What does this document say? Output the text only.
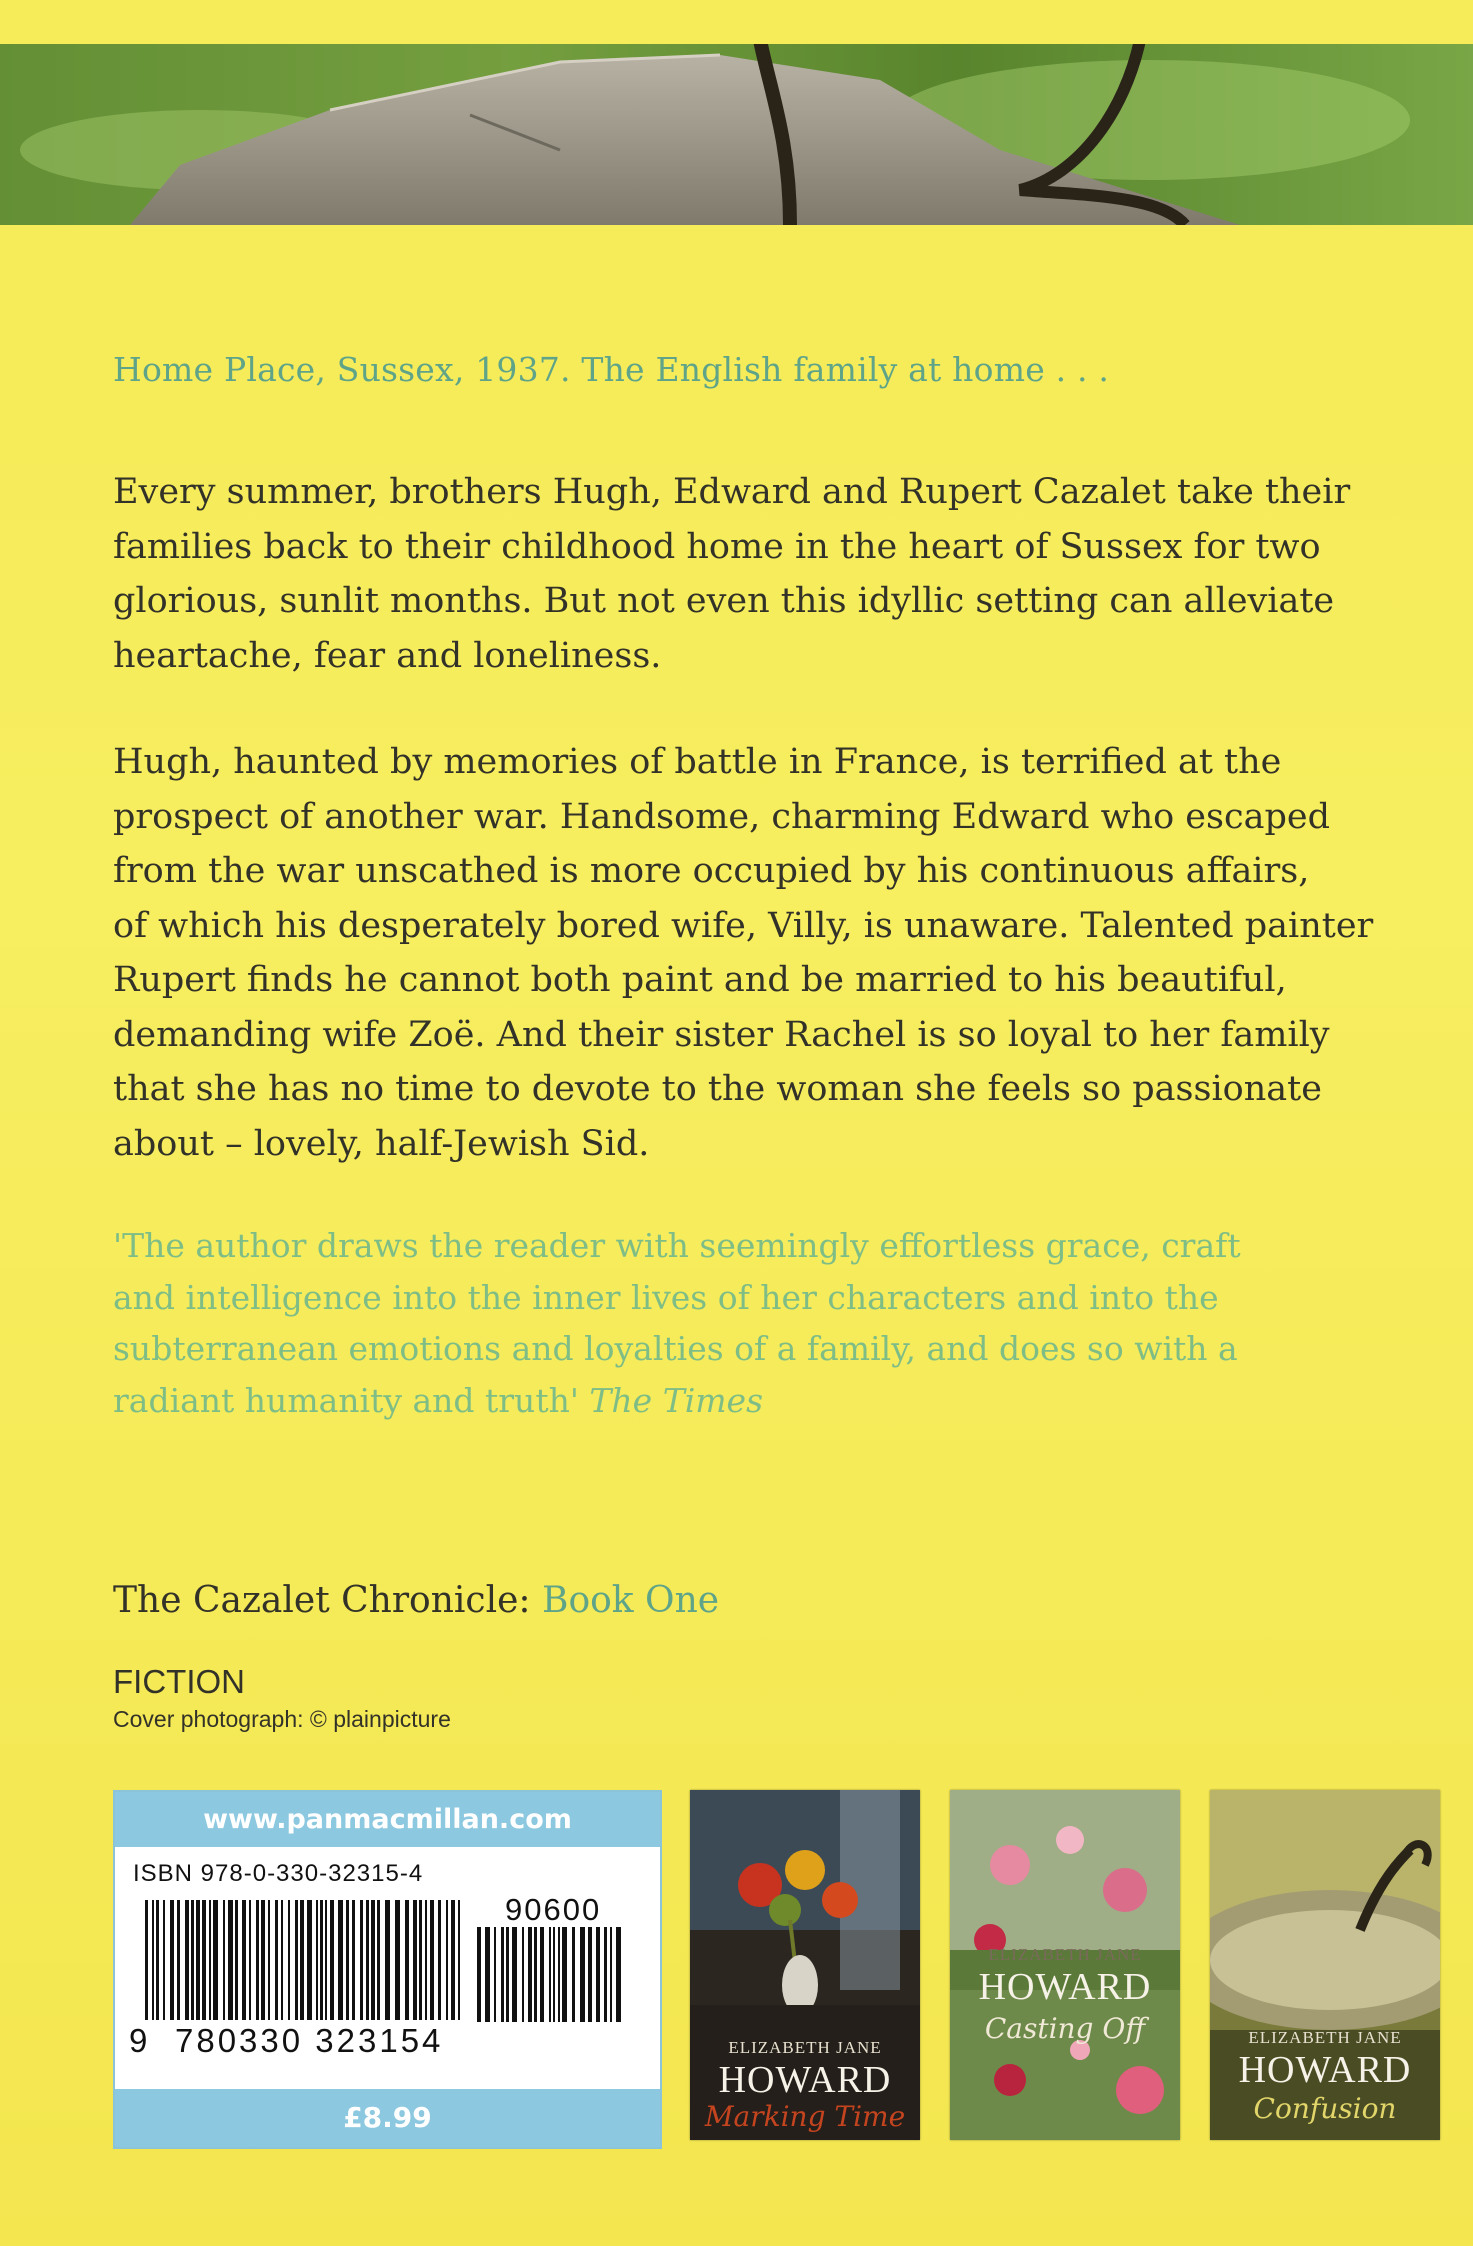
Home Place, Sussex, 1937. The English family at home . . .
Every summer, brothers Hugh, Edward and Rupert Cazalet take their
families back to their childhood home in the heart of Sussex for two
glorious, sunlit months. But not even this idyllic setting can alleviate
heartache, fear and loneliness.
Hugh, haunted by memories of battle in France, is terrified at the
prospect of another war. Handsome, charming Edward who escaped
from the war unscathed is more occupied by his continuous affairs,
of which his desperately bored wife, Villy, is unaware. Talented painter
Rupert finds he cannot both paint and be married to his beautiful,
demanding wife Zoë. And their sister Rachel is so loyal to her family
that she has no time to devote to the woman she feels so passionate
about – lovely, half-Jewish Sid.
'The author draws the reader with seemingly effortless grace, craft
and intelligence into the inner lives of her characters and into the
subterranean emotions and loyalties of a family, and does so with a
radiant humanity and truth' The Times
The Cazalet Chronicle: Book One
FICTION
Cover photograph: © plainpicture
www.panmacmillan.com
ISBN 978-0-330-32315-4
90600
9 780330 323154
£8.99
ELIZABETH JANE
HOWARD
Marking Time
ELIZABETH JANE
HOWARD
Casting Off	ELIZABETH JANE
HOWARD
Confusion
